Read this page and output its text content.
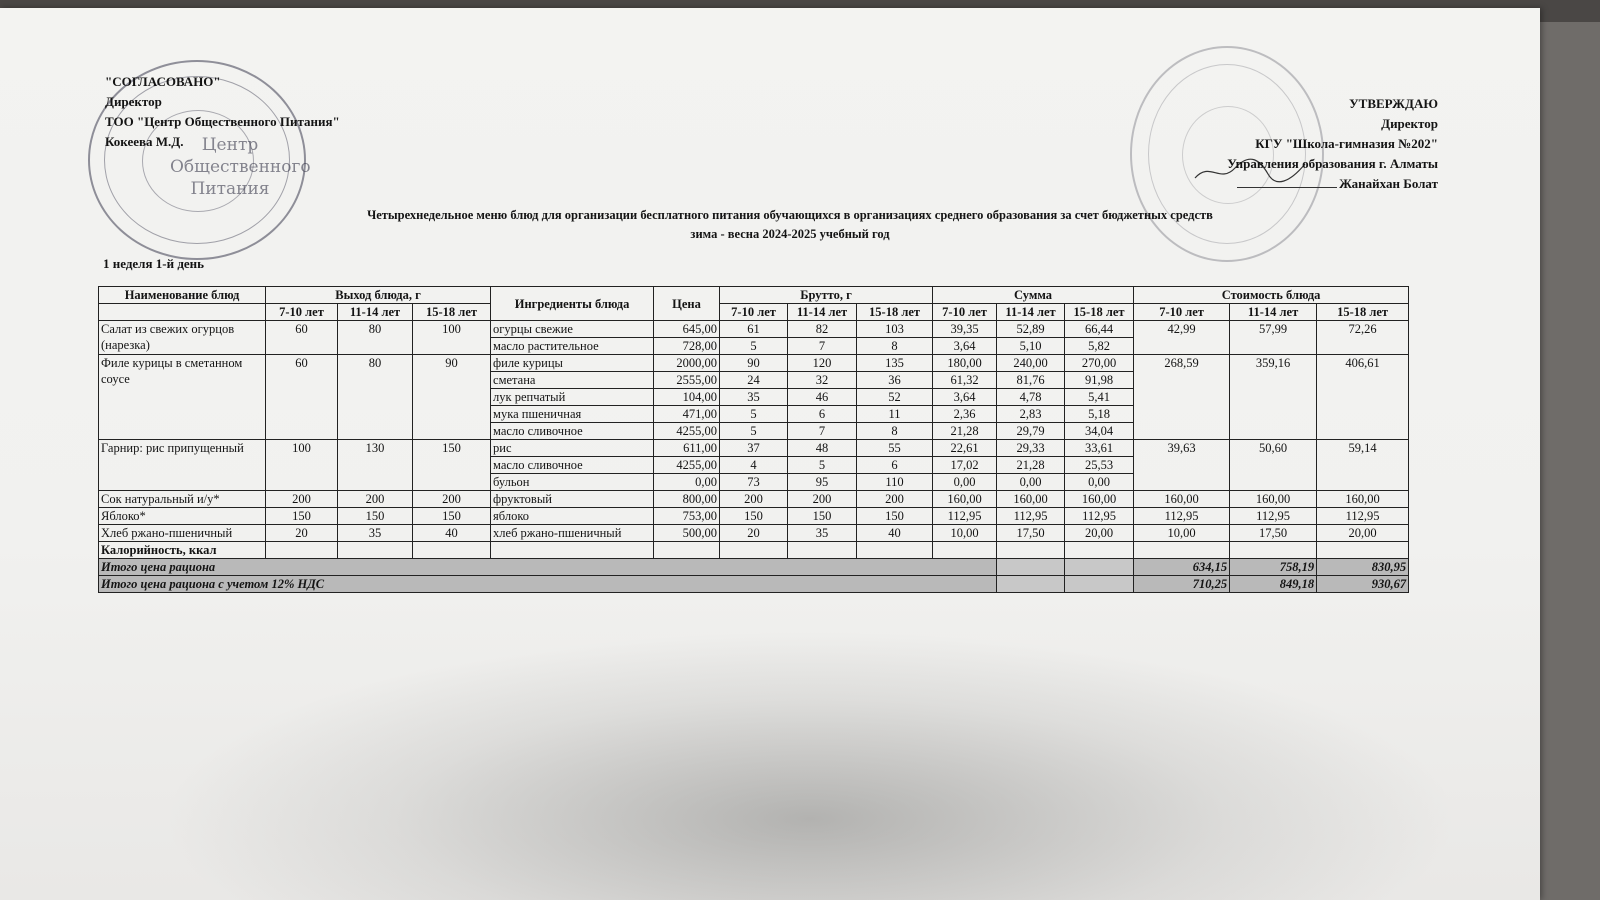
Центр Общественного Питания
"СОГЛАСОВАНО"
Директор
ТОО "Центр Общественного Питания"
Кокеева М.Д.
УТВЕРЖДАЮ
Директор
КГУ "Школа-гимназия №202"
Управления образования г. Алматы
Жанайхан Болат
Четырехнедельное меню блюд для организации бесплатного питания обучающихся в организациях среднего образования за счет бюджетных средств
зима - весна 2024-2025 учебный год
1 неделя 1-й день
Наименование блюд	Выход блюда, г			Ингредиенты блюда	Цена	Брутто, г			Сумма			Стоимость блюда		
	7-10 лет	11-14 лет	15-18 лет			7-10 лет	11-14 лет	15-18 лет	7-10 лет	11-14 лет	15-18 лет	7-10 лет	11-14 лет	15-18 лет

Салат из свежих огурцов (нарезка)	60	80	100	огурцы свежие	645,00	61	82	103	39,35	52,89	66,44	42,99	57,99	72,26
				масло растительное	728,00	5	7	8	3,64	5,10	5,82			
Филе курицы в сметанном соусе	60	80	90	филе курицы	2000,00	90	120	135	180,00	240,00	270,00	268,59	359,16	406,61
				сметана	2555,00	24	32	36	61,32	81,76	91,98			
				лук репчатый	104,00	35	46	52	3,64	4,78	5,41			
				мука пшеничная	471,00	5	6	11	2,36	2,83	5,18			
				масло сливочное	4255,00	5	7	8	21,28	29,79	34,04			
Гарнир: рис припущенный	100	130	150	рис	611,00	37	48	55	22,61	29,33	33,61	39,63	50,60	59,14
				масло сливочное	4255,00	4	5	6	17,02	21,28	25,53			
				бульон	0,00	73	95	110	0,00	0,00	0,00			
Сок натуральный и/у*	200	200	200	фруктовый	800,00	200	200	200	160,00	160,00	160,00	160,00	160,00	160,00
Яблоко*	150	150	150	яблоко	753,00	150	150	150	112,95	112,95	112,95	112,95	112,95	112,95
Хлеб ржано-пшеничный	20	35	40	хлеб ржано-пшеничный	500,00	20	35	40	10,00	17,50	20,00	10,00	17,50	20,00
Калорийность, ккал														
Итого цена рациона												634,15	758,19	830,95
Итого цена рациона с учетом 12% НДС												710,25	849,18	930,67
